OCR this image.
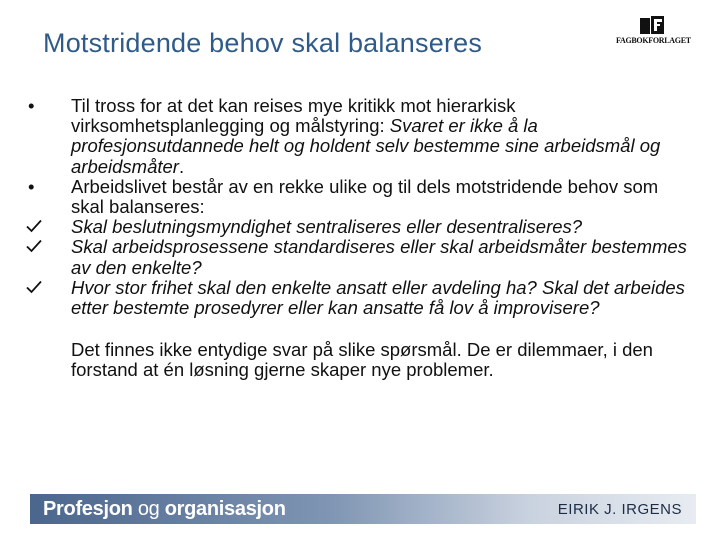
Motstridende behov skal balanseres	FAGBOKFORLAGET
•	Til tross for at det kan reises mye kritikk mot hierarkisk virksomhetsplanlegging og målstyring: Svaret er ikke å la profesjonsutdannede helt og holdent selv bestemme sine arbeidsmål og arbeidsmåter.
•	Arbeidslivet består av en rekke ulike og til dels motstridende behov som skal balanseres:
Skal beslutningsmyndighet sentraliseres eller desentraliseres?
Skal arbeidsprosessene standardiseres eller skal arbeidsmåter bestemmes av den enkelte?
Hvor stor frihet skal den enkelte ansatt eller avdeling ha? Skal det arbeides etter bestemte prosedyrer eller kan ansatte få lov å improvisere?
Det finnes ikke entydige svar på slike spørsmål. De er dilemmaer, i den forstand at én løsning gjerne skaper nye problemer.
Profesjon og organisasjon	EIRIK J. IRGENS
